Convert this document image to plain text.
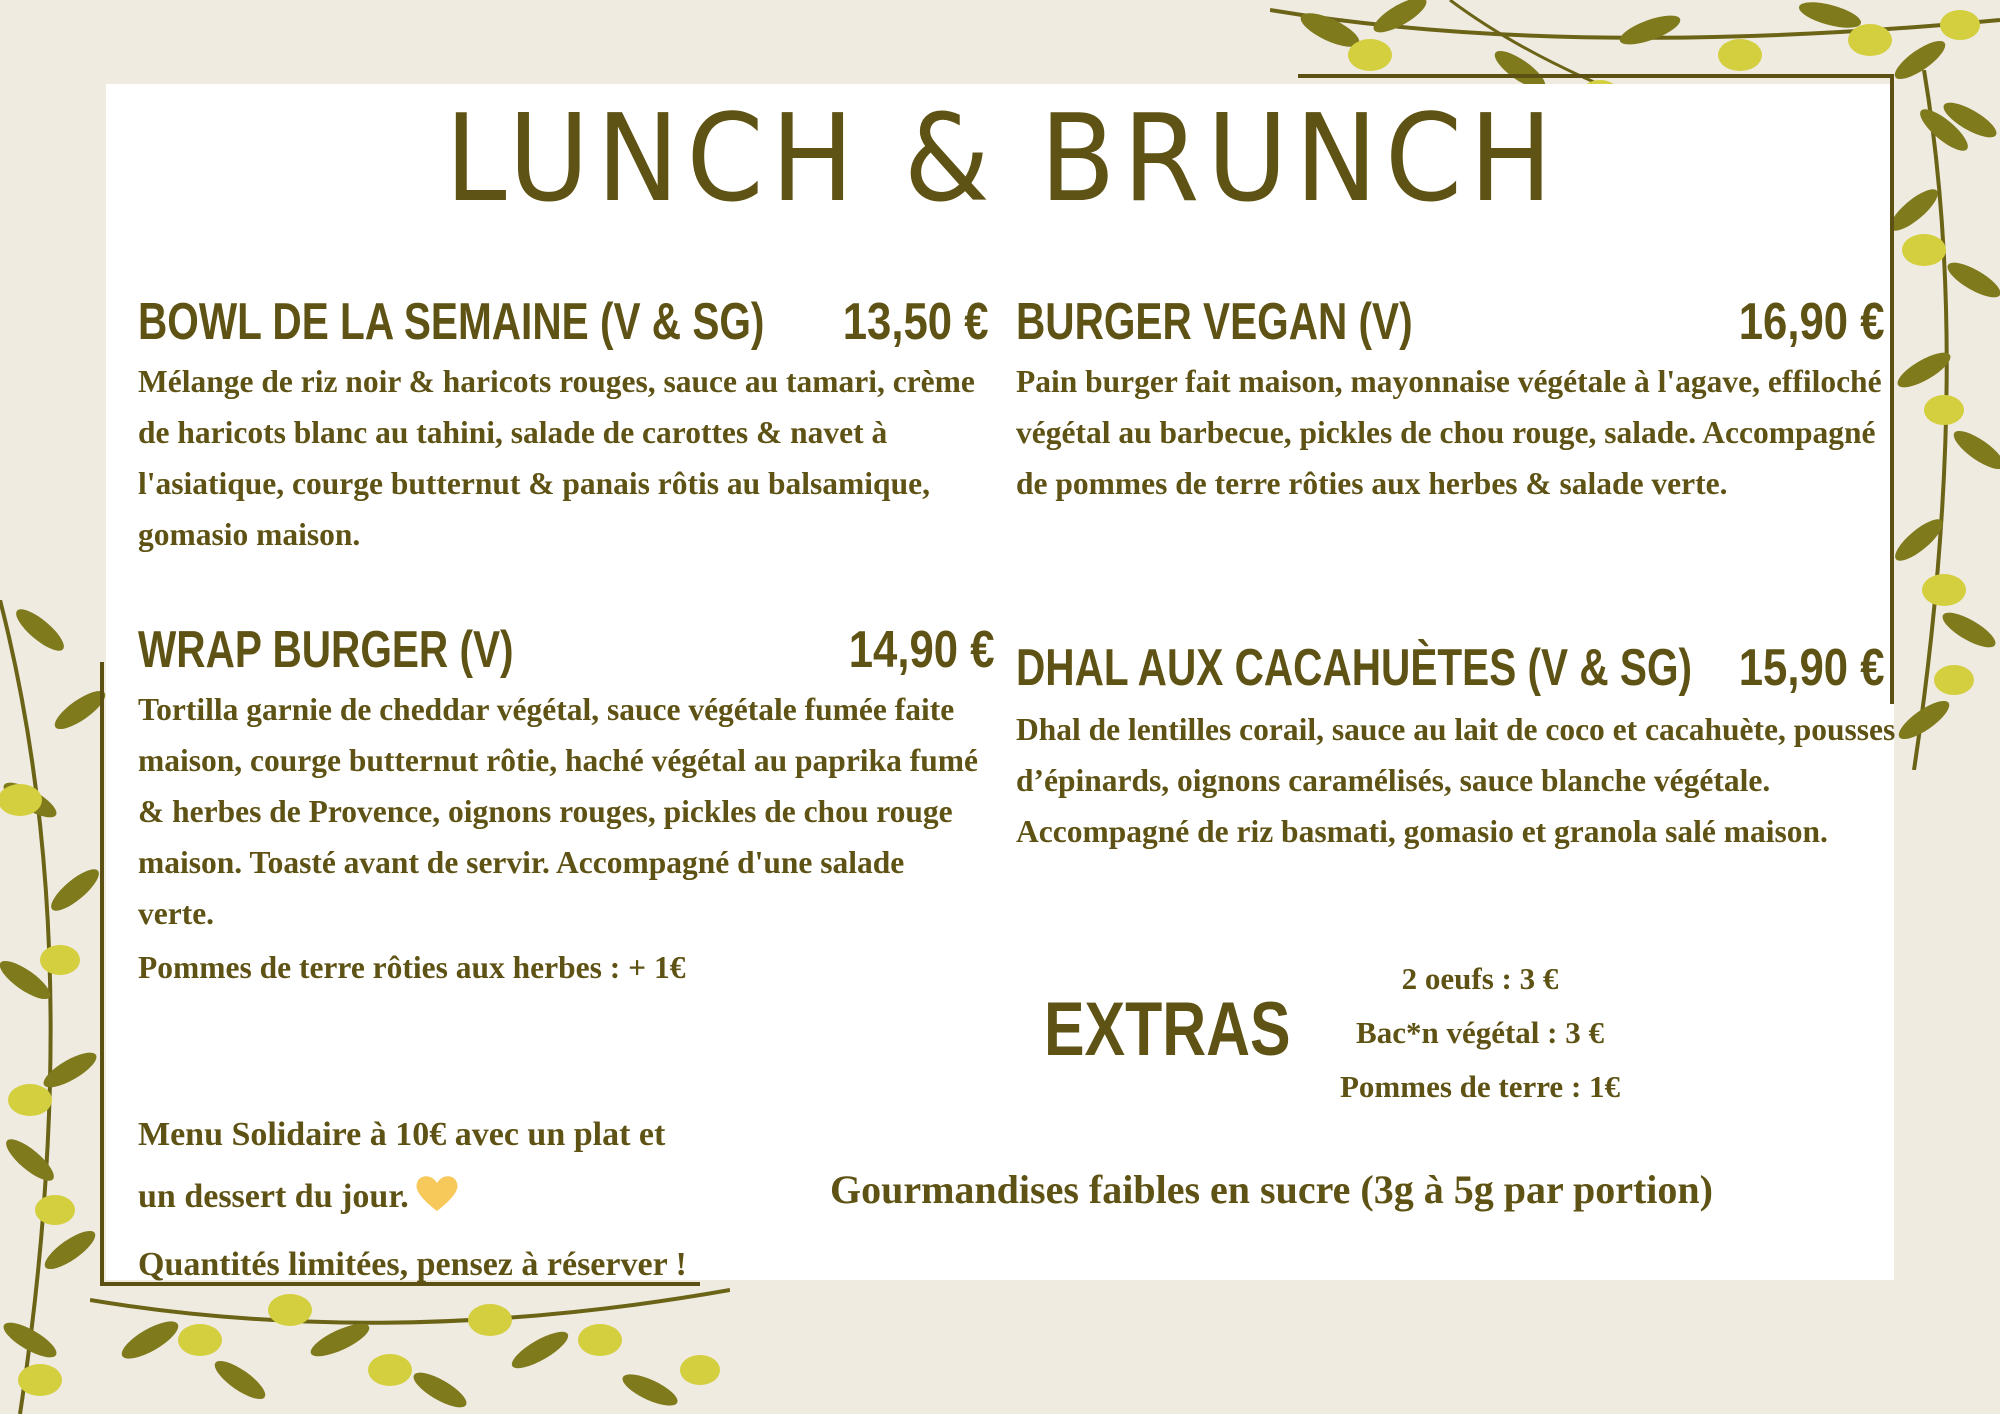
LUNCH & BRUNCH
BOWL DE LA SEMAINE (V & SG) 13,50 €
Mélange de riz noir & haricots rouges, sauce au tamari, crème de haricots blanc au tahini, salade de carottes & navet à l'asiatique, courge butternut & panais rôtis au balsamique, gomasio maison.
BURGER VEGAN (V)	16,90 €
Pain burger fait maison, mayonnaise végétale à l'agave, effiloché végétal au barbecue, pickles de chou rouge, salade. Accompagné de pommes de terre rôties aux herbes & salade verte.
WRAP BURGER (V)	14,90 €
Tortilla garnie de cheddar végétal, sauce végétale fumée faite maison, courge butternut rôtie, haché végétal au paprika fumé & herbes de Provence, oignons rouges, pickles de chou rouge maison. Toasté avant de servir. Accompagné d'une salade verte.
Pommes de terre rôties aux herbes : + 1€
DHAL AUX CACAHUÈTES (V & SG) 15,90 €
Dhal de lentilles corail, sauce au lait de coco et cacahuète, pousses d’épinards, oignons caramélisés, sauce blanche végétale. Accompagné de riz basmati, gomasio et granola salé maison.
EXTRAS
2 oeufs : 3 €
Bac*n végétal : 3 €
Pommes de terre : 1€
Menu Solidaire à 10€ avec un plat et
un dessert du jour.
Quantités limitées, pensez à réserver !
Gourmandises faibles en sucre (3g à 5g par portion)
